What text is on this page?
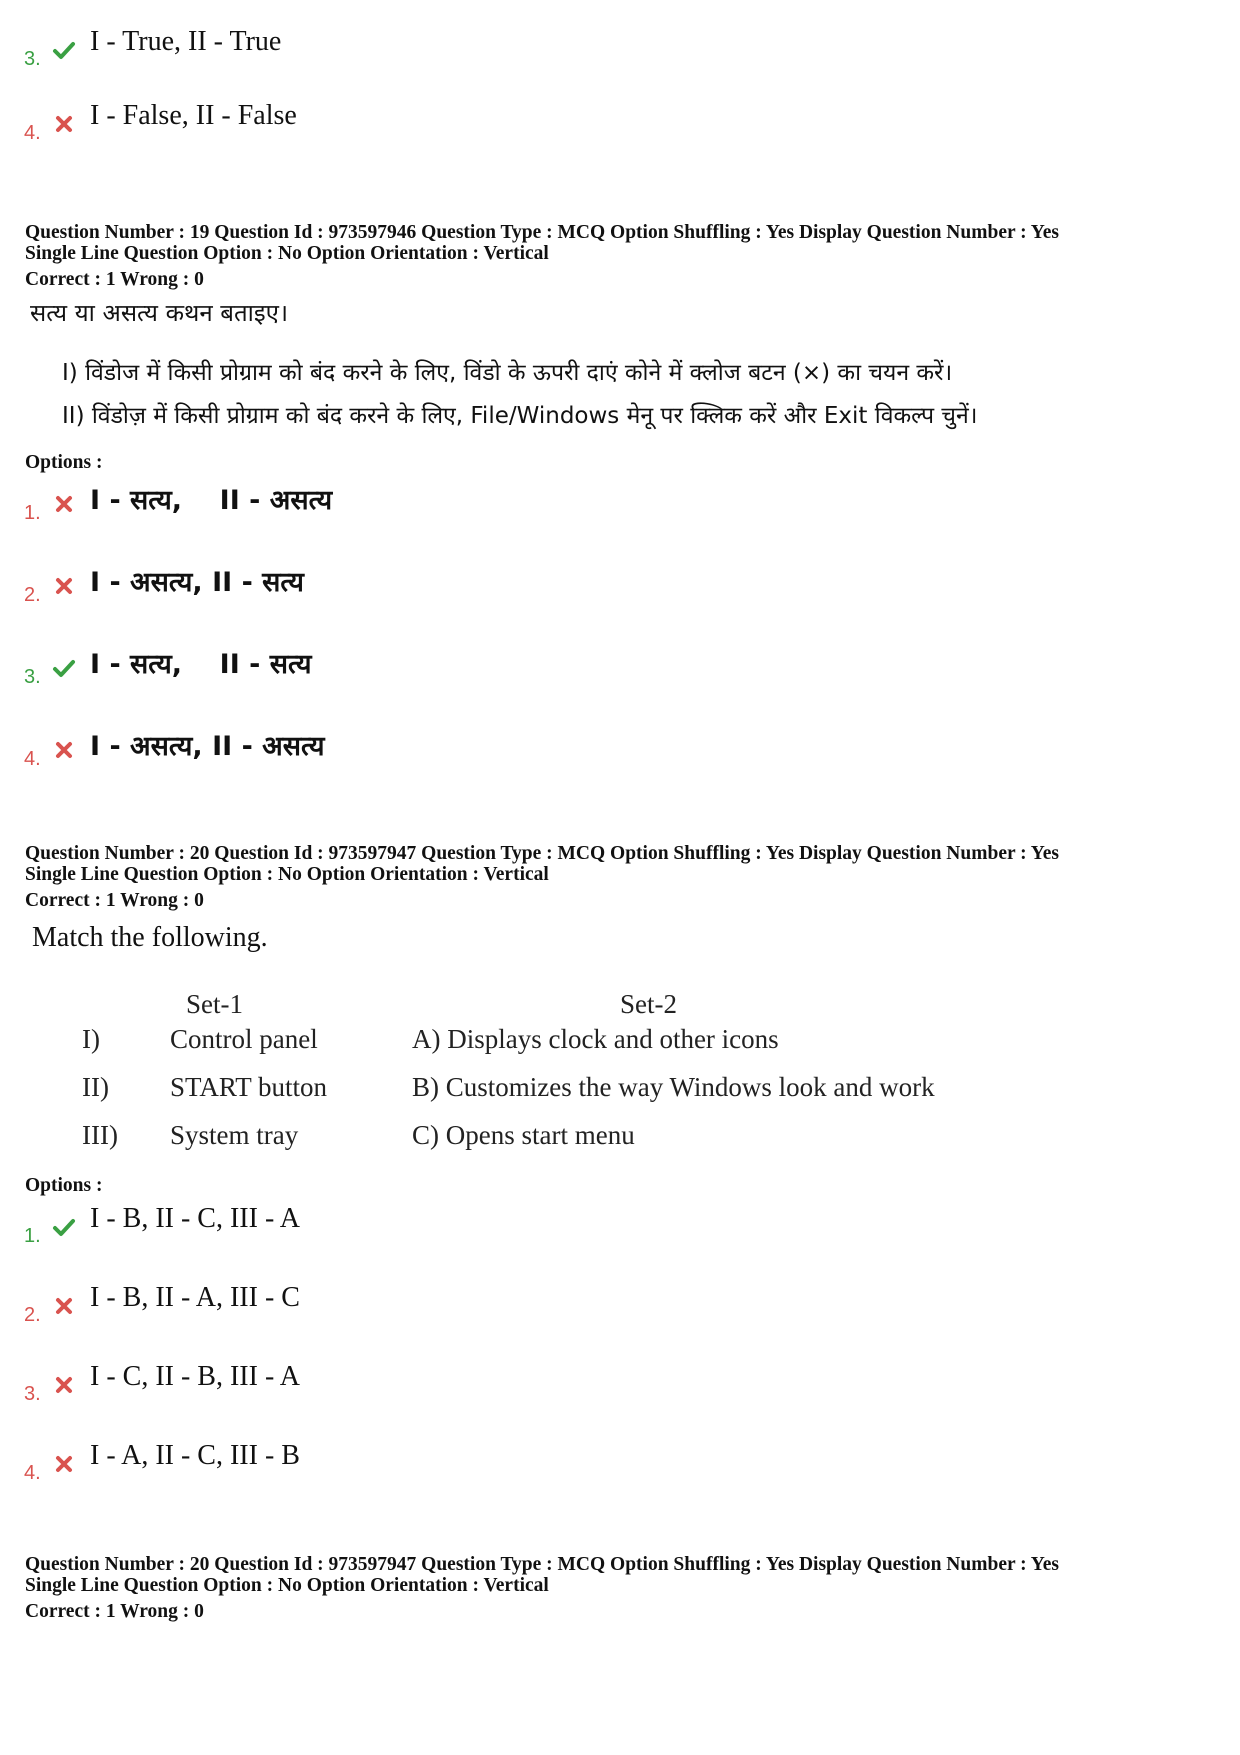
3.
I - True, II - True
4.
I - False, II - False
Question Number : 19 Question Id : 973597946 Question Type : MCQ Option Shuffling : Yes Display Question Number : Yes
Single Line Question Option : No Option Orientation : Vertical
Correct : 1 Wrong : 0
सत्य या असत्य कथन बताइए।
I) विंडोज में किसी प्रोग्राम को बंद करने के लिए, विंडो के ऊपरी दाएं कोने में क्लोज बटन (×) का चयन करें।
II) विंडोज़ में किसी प्रोग्राम को बंद करने के लिए, File/Windows मेनू पर क्लिक करें और Exit विकल्प चुनें।
Options :
1. I - सत्य,    II - असत्य
2. I - असत्य, II - सत्य
3. I - सत्य,    II - सत्य
4. I - असत्य, II - असत्य
Question Number : 20 Question Id : 973597947 Question Type : MCQ Option Shuffling : Yes Display Question Number : Yes
Single Line Question Option : No Option Orientation : Vertical
Correct : 1 Wrong : 0
Match the following.
Set-1	Set-2
I)	Control panel	A) Displays clock and other icons
II) START button	B) Customizes the way Windows look and work
III) System tray	C) Opens start menu
Options :
1.
I - B, II - C, III - A
2.
I - B, II - A, III - C
3.
I - C, II - B, III - A
4.
I - A, II - C, III - B
Question Number : 20 Question Id : 973597947 Question Type : MCQ Option Shuffling : Yes Display Question Number : Yes
Single Line Question Option : No Option Orientation : Vertical
Correct : 1 Wrong : 0
